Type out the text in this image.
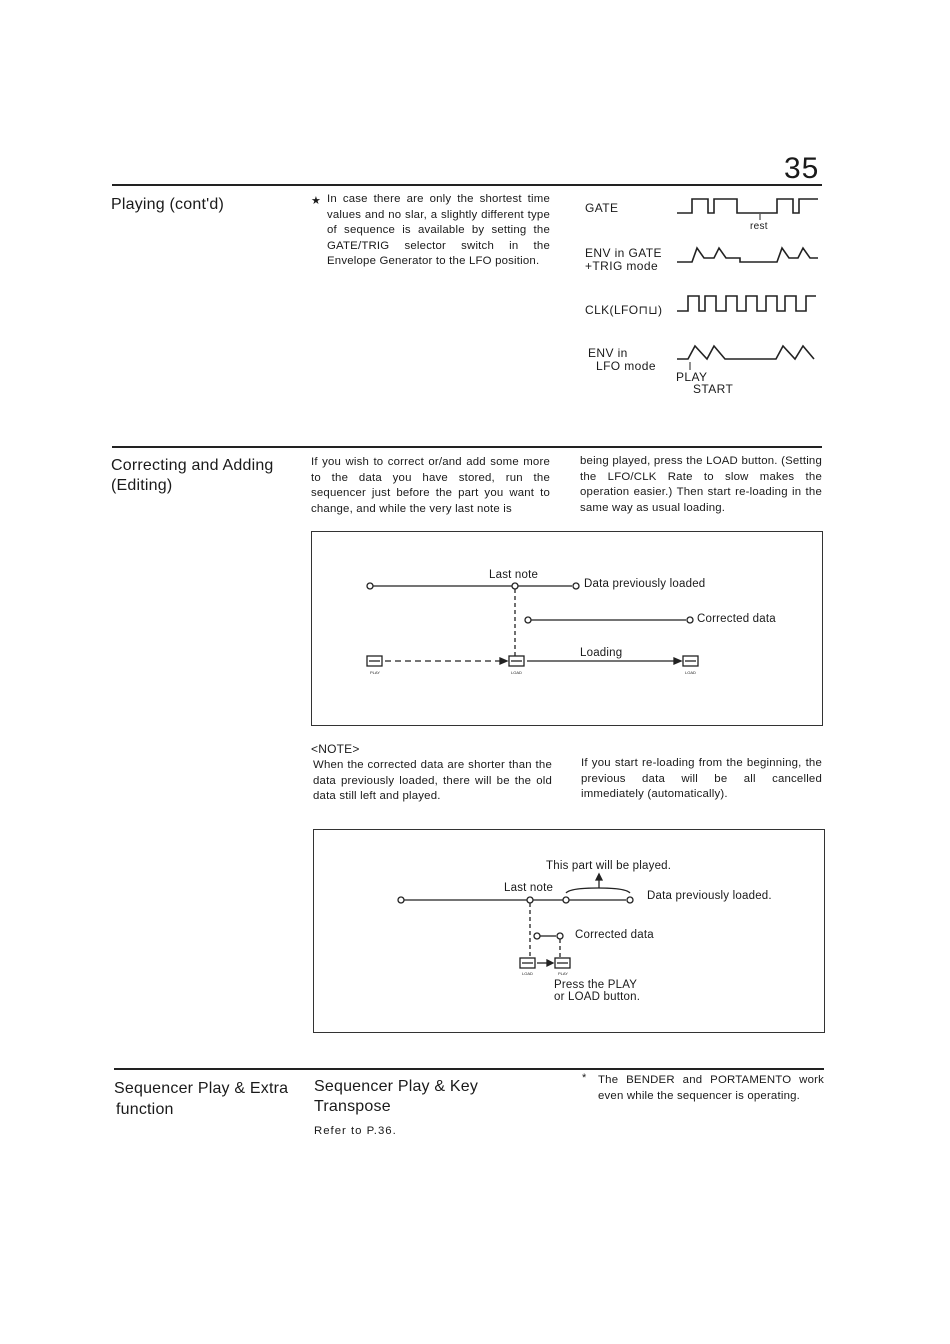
35
Playing (cont'd)	★ In case there are only the shortest time values and no slar, a slightly different type of sequence is available by setting the GATE/TRIG selector switch in the Envelope Generator to the LFO position.
GATE
rest
ENV in GATE
+TRIG mode
CLK(LFO⊓⊔)
ENV in
LFO mode
PLAY
START
Correcting and Adding
(Editing)
If you wish to correct or/and add some more to the data you have stored, run the sequencer just before the part you want to change, and while the very last note is
being played, press the LOAD button. (Setting the LFO/CLK Rate to slow makes the operation easier.) Then start re-loading in the same way as usual loading.
PLAY	LOAD	LOAD
Last note
Data previously loaded
Corrected data
Loading
<NOTE>
When the corrected data are shorter than the data previously loaded, there will be the old data still left and played.
If you start re-loading from the beginning, the previous data will be all cancelled immediately (automatically).
LOAD	PLAY
This part will be played.
Last note
Data previously loaded.
Corrected data
Press the PLAY
or LOAD button.
Sequencer Play & Extra
function
Sequencer Play & Key
Transpose
Refer to P.36.
* The BENDER and PORTAMENTO work even while the sequencer is operating.
